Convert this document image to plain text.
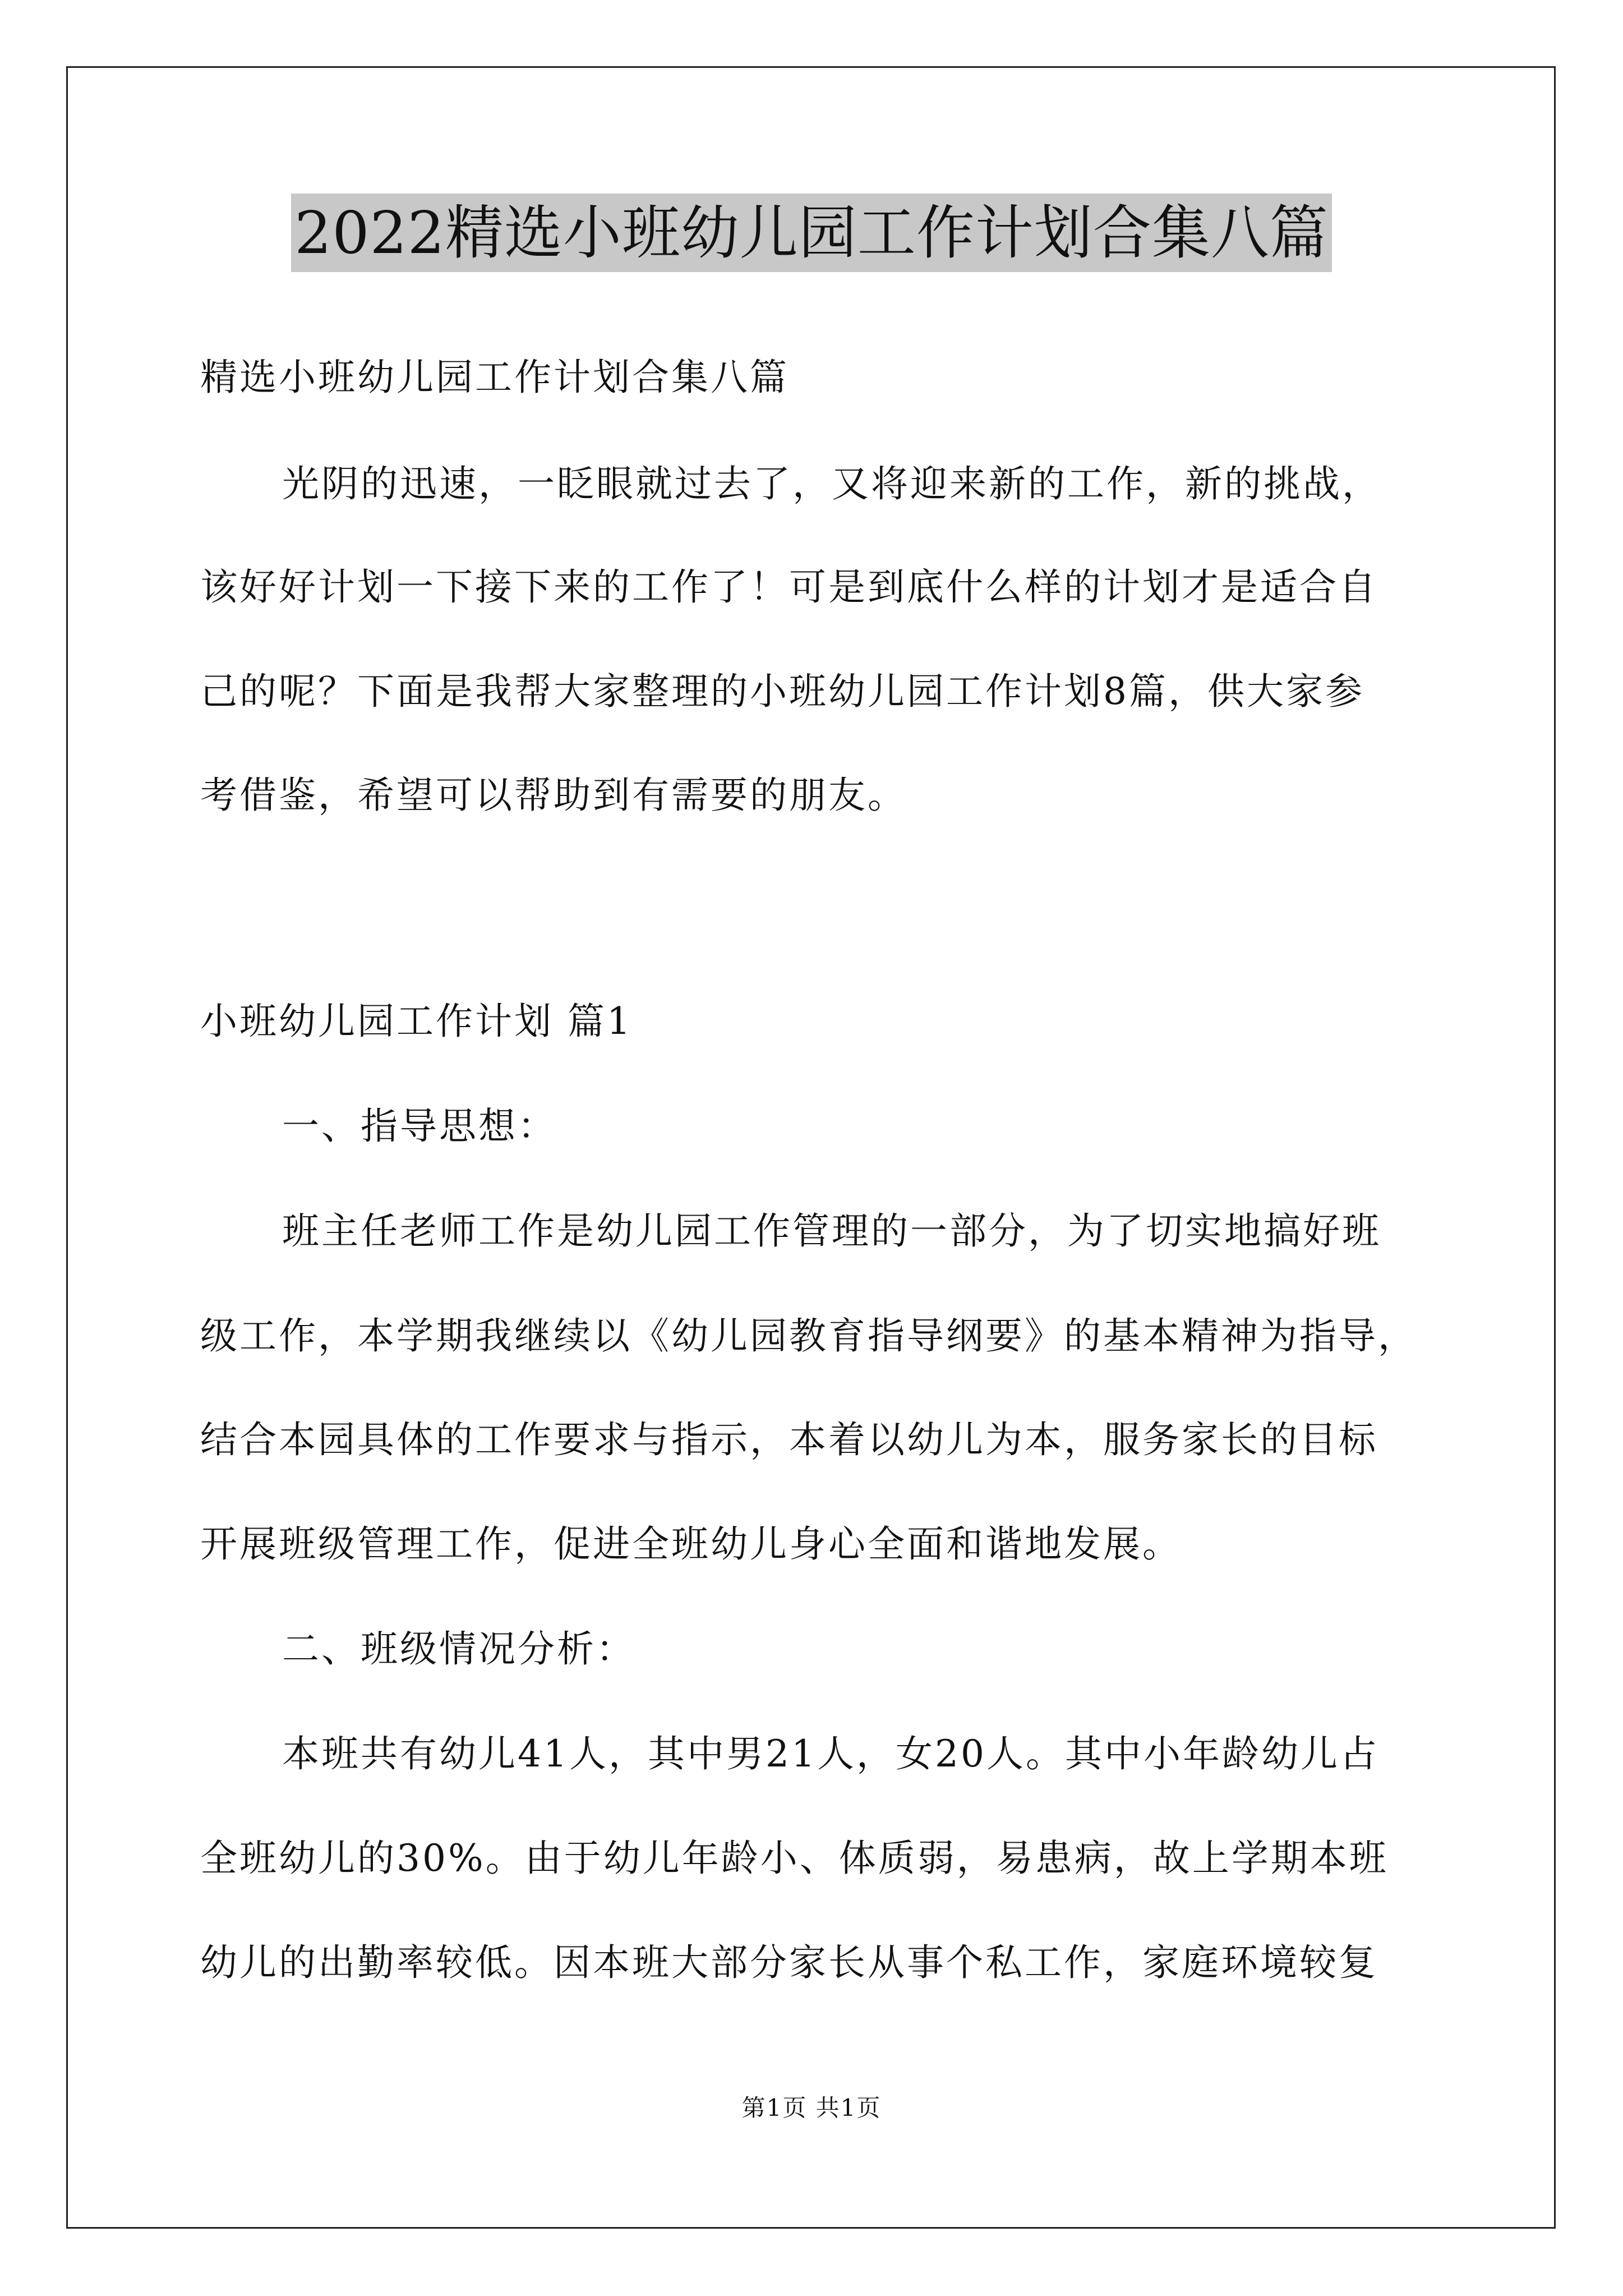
2022精选小班幼儿园工作计划合集八篇
精选小班幼儿园工作计划合集八篇
光阴的迅速，一眨眼就过去了，又将迎来新的工作，新的挑战，
该好好计划一下接下来的工作了！可是到底什么样的计划才是适合自
己的呢？下面是我帮大家整理的小班幼儿园工作计划8篇，供大家参
考借鉴，希望可以帮助到有需要的朋友。
小班幼儿园工作计划 篇1
一、指导思想：
班主任老师工作是幼儿园工作管理的一部分，为了切实地搞好班
级工作，本学期我继续以《幼儿园教育指导纲要》的基本精神为指导，
结合本园具体的工作要求与指示，本着以幼儿为本，服务家长的目标
开展班级管理工作，促进全班幼儿身心全面和谐地发展。
二、班级情况分析：
本班共有幼儿41人，其中男21人，女20人。其中小年龄幼儿占
全班幼儿的30%。由于幼儿年龄小、体质弱，易患病，故上学期本班
幼儿的出勤率较低。因本班大部分家长从事个私工作，家庭环境较复
第1页 共1页
